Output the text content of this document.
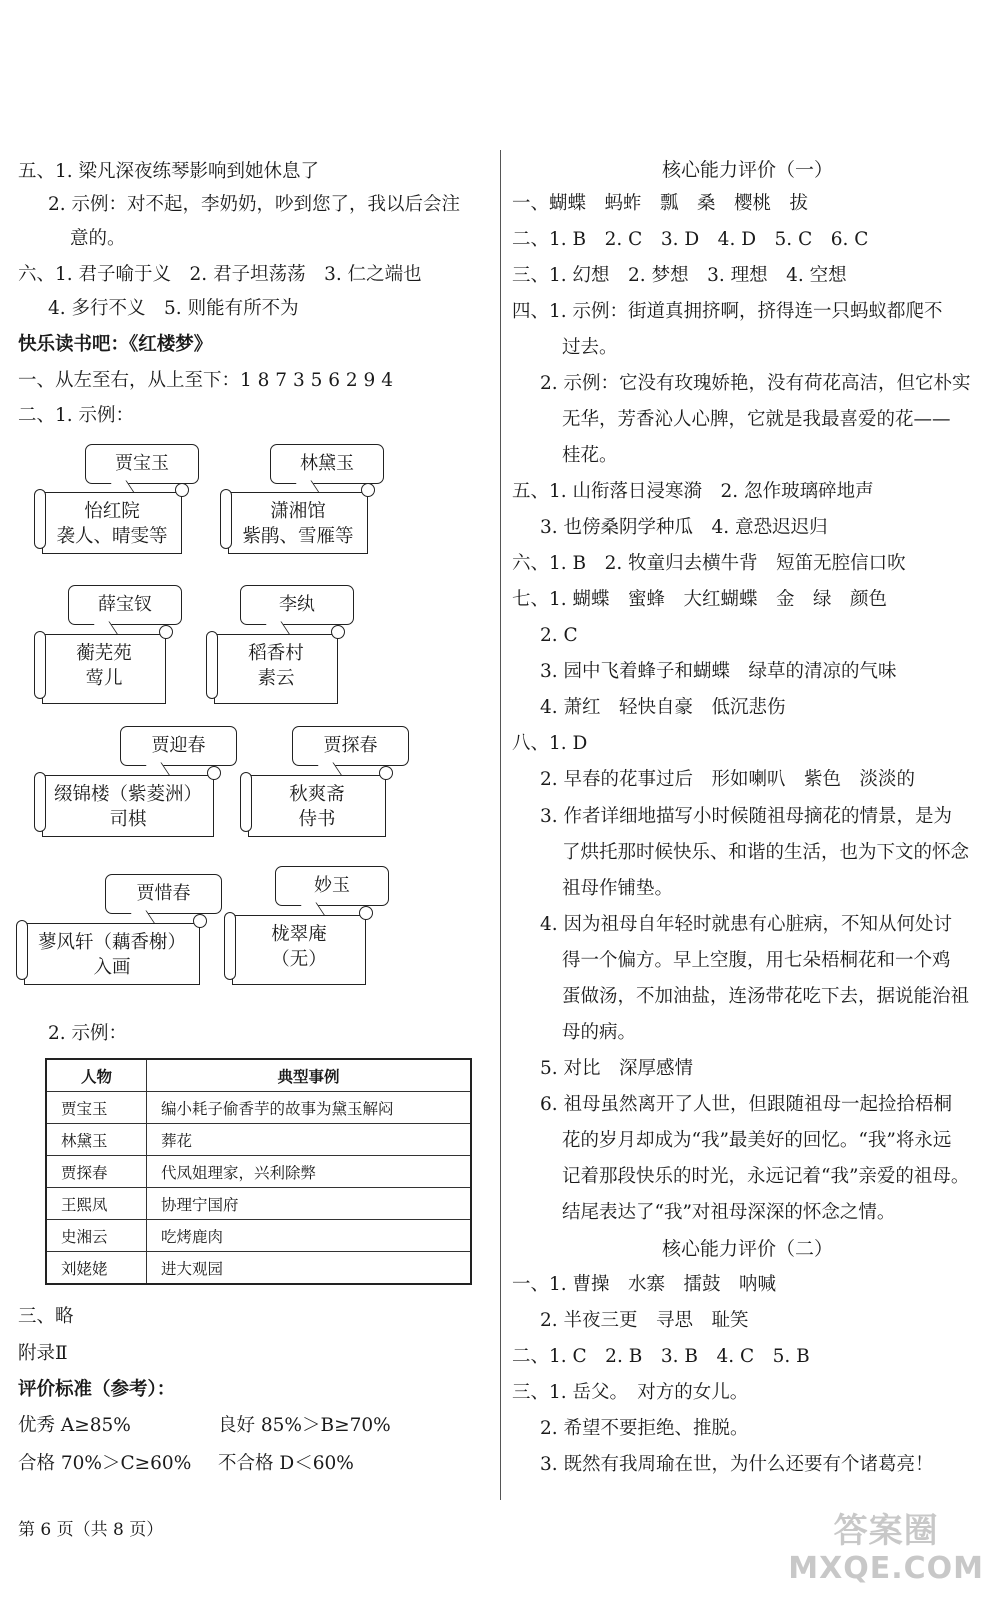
五、1. 梁凡深夜练琴影响到她休息了
2. 示例：对不起，李奶奶，吵到您了，我以后会注
意的。
六、1. 君子喻于义　2. 君子坦荡荡　3. 仁之端也
4. 多行不义　5. 则能有所不为
快乐读书吧：《红楼梦》
一、从左至右，从上至下：1 8 7 3 5 6 2 9 4
二、1. 示例：
贾宝玉
怡红院
袭人、晴雯等
林黛玉
潇湘馆
紫鹃、雪雁等
薛宝钗
蘅芜苑
莺儿
李纨
稻香村
素云
贾迎春
缀锦楼（紫菱洲）
司棋
贾探春
秋爽斋
侍书
贾惜春
蓼风轩（藕香榭）
入画
妙玉
栊翠庵
（无）
2. 示例：
人物	典型事例
贾宝玉	编小耗子偷香芋的故事为黛玉解闷
林黛玉	葬花
贾探春	代凤姐理家，兴利除弊
王熙凤	协理宁国府
史湘云	吃烤鹿肉
刘姥姥	进大观园
三、略
附录Ⅱ
评价标准（参考）：
优秀 A≥85%	良好 85%＞B≥70%
合格 70%＞C≥60% 不合格 D＜60%
第 6 页（共 8 页）
核心能力评价（一）
一、蝴蝶　蚂蚱　瓢　桑　樱桃　拔
二、1. B　2. C　3. D　4. D　5. C　6. C
三、1. 幻想　2. 梦想　3. 理想　4. 空想
四、1. 示例：街道真拥挤啊，挤得连一只蚂蚁都爬不
过去。
2. 示例：它没有玫瑰娇艳，没有荷花高洁，但它朴实
无华，芳香沁人心脾，它就是我最喜爱的花——
桂花。
五、1. 山衔落日浸寒漪　2. 忽作玻璃碎地声
3. 也傍桑阴学种瓜　4. 意恐迟迟归
六、1. B　2. 牧童归去横牛背　短笛无腔信口吹
七、1. 蝴蝶　蜜蜂　大红蝴蝶　金　绿　颜色
2. C
3. 园中飞着蜂子和蝴蝶　绿草的清凉的气味
4. 萧红　轻快自豪　低沉悲伤
八、1. D
2. 早春的花事过后　形如喇叭　紫色　淡淡的
3. 作者详细地描写小时候随祖母摘花的情景，是为
了烘托那时候快乐、和谐的生活，也为下文的怀念
祖母作铺垫。
4. 因为祖母自年轻时就患有心脏病，不知从何处讨
得一个偏方。早上空腹，用七朵梧桐花和一个鸡
蛋做汤，不加油盐，连汤带花吃下去，据说能治祖
母的病。
5. 对比　深厚感情
6. 祖母虽然离开了人世，但跟随祖母一起捡拾梧桐
花的岁月却成为“我”最美好的回忆。“我”将永远
记着那段快乐的时光，永远记着“我”亲爱的祖母。
结尾表达了“我”对祖母深深的怀念之情。
核心能力评价（二）
一、1. 曹操　水寨　擂鼓　呐喊
2. 半夜三更　寻思　耻笑
二、1. C　2. B　3. B　4. C　5. B
三、1. 岳父。　对方的女儿。
2. 希望不要拒绝、推脱。
3. 既然有我周瑜在世，为什么还要有个诸葛亮！
答案圈
MXQE.COM
